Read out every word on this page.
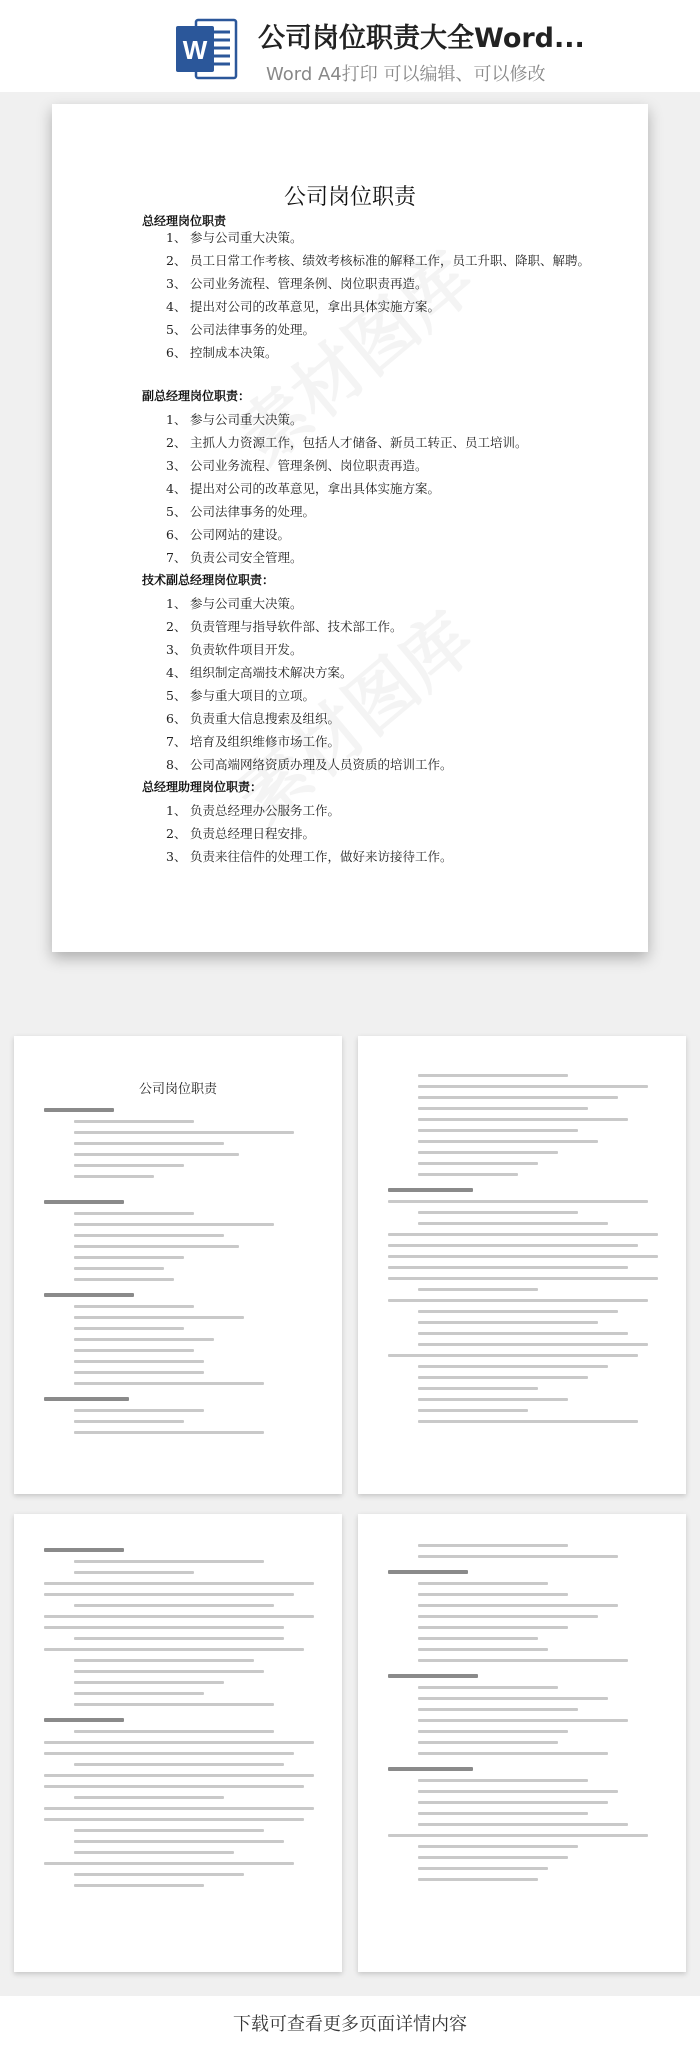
W 公司岗位职责大全Word...
Word A4打印 可以编辑、可以修改
公司岗位职责
总经理岗位职责
1、 参与公司重大决策。
2、 员工日常工作考核、绩效考核标准的解释工作，员工升职、降职、解聘。
3、 公司业务流程、管理条例、岗位职责再造。
4、 提出对公司的改革意见，拿出具体实施方案。
5、 公司法律事务的处理。
6、 控制成本决策。
副总经理岗位职责：
1、 参与公司重大决策。
2、 主抓人力资源工作，包括人才储备、新员工转正、员工培训。
3、 公司业务流程、管理条例、岗位职责再造。
4、 提出对公司的改革意见，拿出具体实施方案。
5、 公司法律事务的处理。
6、 公司网站的建设。
7、 负责公司安全管理。
技术副总经理岗位职责：
1、 参与公司重大决策。
2、 负责管理与指导软件部、技术部工作。
3、 负责软件项目开发。
4、 组织制定高端技术解决方案。
5、 参与重大项目的立项。
6、 负责重大信息搜索及组织。
7、 培育及组织维修市场工作。
8、 公司高端网络资质办理及人员资质的培训工作。
总经理助理岗位职责：
1、 负责总经理办公服务工作。
2、 负责总经理日程安排。
3、 负责来往信件的处理工作，做好来访接待工作。
公司岗位职责
下载可查看更多页面详情内容
